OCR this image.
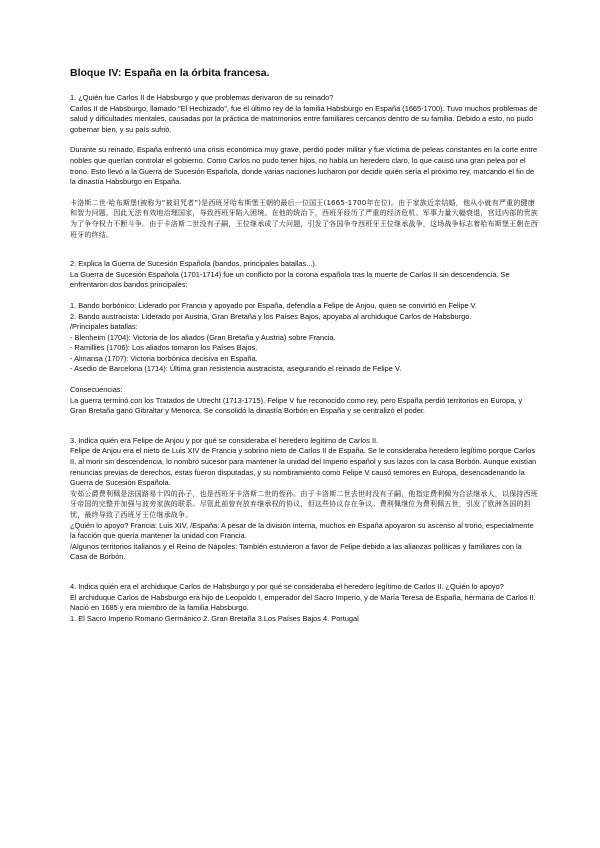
Bloque IV: España en la órbita francesa.

1. ¿Quién fue Carlos II de Habsburgo y que problemas derivaron de su reinado?

Carlos II de Habsburgo, llamado "El Hechizado", fue el último rey de la familia Habsburgo en España (1665-1700). Tuvo muchos problemas de salud y dificultades mentales, causadas por la práctica de matrimonios entre familiares cercanos dentro de su familia. Debido a esto, no pudo gobernar bien, y su país sufrió.

Durante su reinado, España enfrentó una crisis económica muy grave, perdió poder militar y fue víctima de peleas constantes en la corte entre nobles que querían controlar el gobierno. Como Carlos no pudo tener hijos, no había un heredero claro, lo que causó una gran pelea por el trono. Esto llevó a la Guerra de Sucesión Española, donde varias naciones lucharon por decidir quién sería el próximo rey, marcando el fin de la dinastía Habsburgo en España.

卡洛斯二世·哈布斯堡(被称为“被诅咒者”)是西班牙哈布斯堡王朝的最后一位国王(1665-1700年在位)。由于家族近亲结婚，他从小就有严重的健康和智力问题，因此无法有效地治理国家，导致西班牙陷入困境。在他的统治下，西班牙经历了严重的经济危机、军事力量大幅衰退，宫廷内部的贵族为了争夺权力不断斗争。由于卡洛斯二世没有子嗣，王位继承成了大问题，引发了各国争夺西班牙王位继承战争，这场战争标志着哈布斯堡王朝在西班牙的终结。

2. Explica la Guerra de Sucesión Española (bandos, principales batallas...).

La Guerra de Sucesión Española (1701-1714) fue un conflicto por la corona española tras la muerte de Carlos II sin descendencia. Se enfrentaron dos bandos principales:

1. Bando borbónico: Liderado por Francia y apoyado por España, defendía a Felipe de Anjou, quien se convirtió en Felipe V.

2. Bando austracista: Liderado por Austria, Gran Bretaña y los Países Bajos, apoyaba al archiduque Carlos de Habsburgo.

/Principales batallas:

- Blenheim (1704): Victoria de los aliados (Gran Bretaña y Austria) sobre Francia.

- Ramillies (1706): Los aliados tomaron los Países Bajos.

- Almansa (1707): Victoria borbónica decisiva en España.

- Asedio de Barcelona (1714): Última gran resistencia austracista, asegurando el reinado de Felipe V.

Consecuencias:

La guerra terminó con los Tratados de Utrecht (1713-1715). Felipe V fue reconocido como rey, pero España perdió territorios en Europa, y Gran Bretaña ganó Gibraltar y Menorca. Se consolidó la dinastía Borbón en España y se centralizó el poder.

3. Indica quién era Felipe de Anjou y por qué se consideraba el heredero legítimo de Carlos II.

Felipe de Anjou era el nieto de Luis XIV de Francia y sobrino nieto de Carlos II de España. Se le consideraba heredero legítimo porque Carlos II, al morir sin descendencia, lo nombró sucesor para mantener la unidad del Imperio español y sus lazos con la casa Borbón. Aunque existían renuncias previas de derechos, estas fueron disputadas, y su nombramiento como Felipe V causó temores en Europa, desencadenando la Guerra de Sucesión Española.

安茹公爵费利佩是法国路易十四的孙子，也是西班牙卡洛斯二世的侄孙。由于卡洛斯二世去世时没有子嗣，他指定费利佩为合法继承人，以保持西班牙帝国的完整并加强与波旁家族的联系。尽管此前曾有放弃继承权的协议，但这些协议存在争议。费利佩继位为费利佩五世，引发了欧洲各国的担忧，最终导致了西班牙王位继承战争。

¿Quién lo apoyo? Francia: Luis XIV, /España: A pesar de la división interna, muchos en España apoyaron su ascenso al trono, especialmente la facción que quería mantener la unidad con Francia.

/Algunos territorios italianos y el Reino de Nápoles: También estuvieron a favor de Felipe debido a las alianzas políticas y familiares con la Casa de Borbón.

4. Indica quién era el archiduque Carlos de Habsburgo y por qué se consideraba el heredero legítimo de Carlos II. ¿Quién lo apoyo?

El archiduque Carlos de Habsburgo era hijo de Leopoldo I, emperador del Sacro Imperio, y de María Teresa de España, hermana de Carlos II. Nació en 1685 y era miembro de la familia Habsburgo.

1. El Sacro Imperio Romano Germánico 2. Gran Bretaña 3.Los Países Bajos 4. Portugal
